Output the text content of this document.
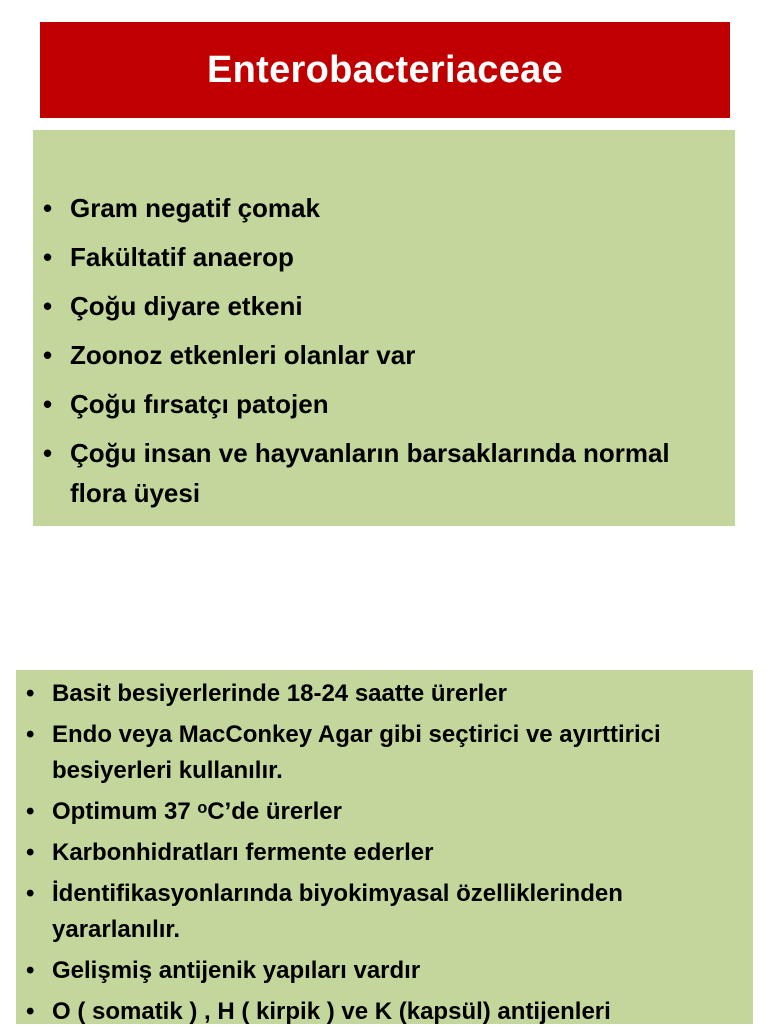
Enterobacteriaceae
• Gram negatif çomak
• Fakültatif anaerop
• Çoğu diyare etkeni
• Zoonoz etkenleri olanlar var
• Çoğu fırsatçı patojen
• Çoğu insan ve hayvanların barsaklarında normal flora üyesi
• Basit besiyerlerinde 18-24 saatte ürerler
• Endo veya MacConkey Agar gibi seçtirici ve ayırttirici besiyerleri kullanılır.
• Optimum 37 ᵒC’de ürerler
• Karbonhidratları fermente ederler
• İdentifikasyonlarında biyokimyasal özelliklerinden yararlanılır.
• Gelişmiş antijenik yapıları vardır
• O ( somatik ) , H ( kirpik ) ve K (kapsül) antijenleri
